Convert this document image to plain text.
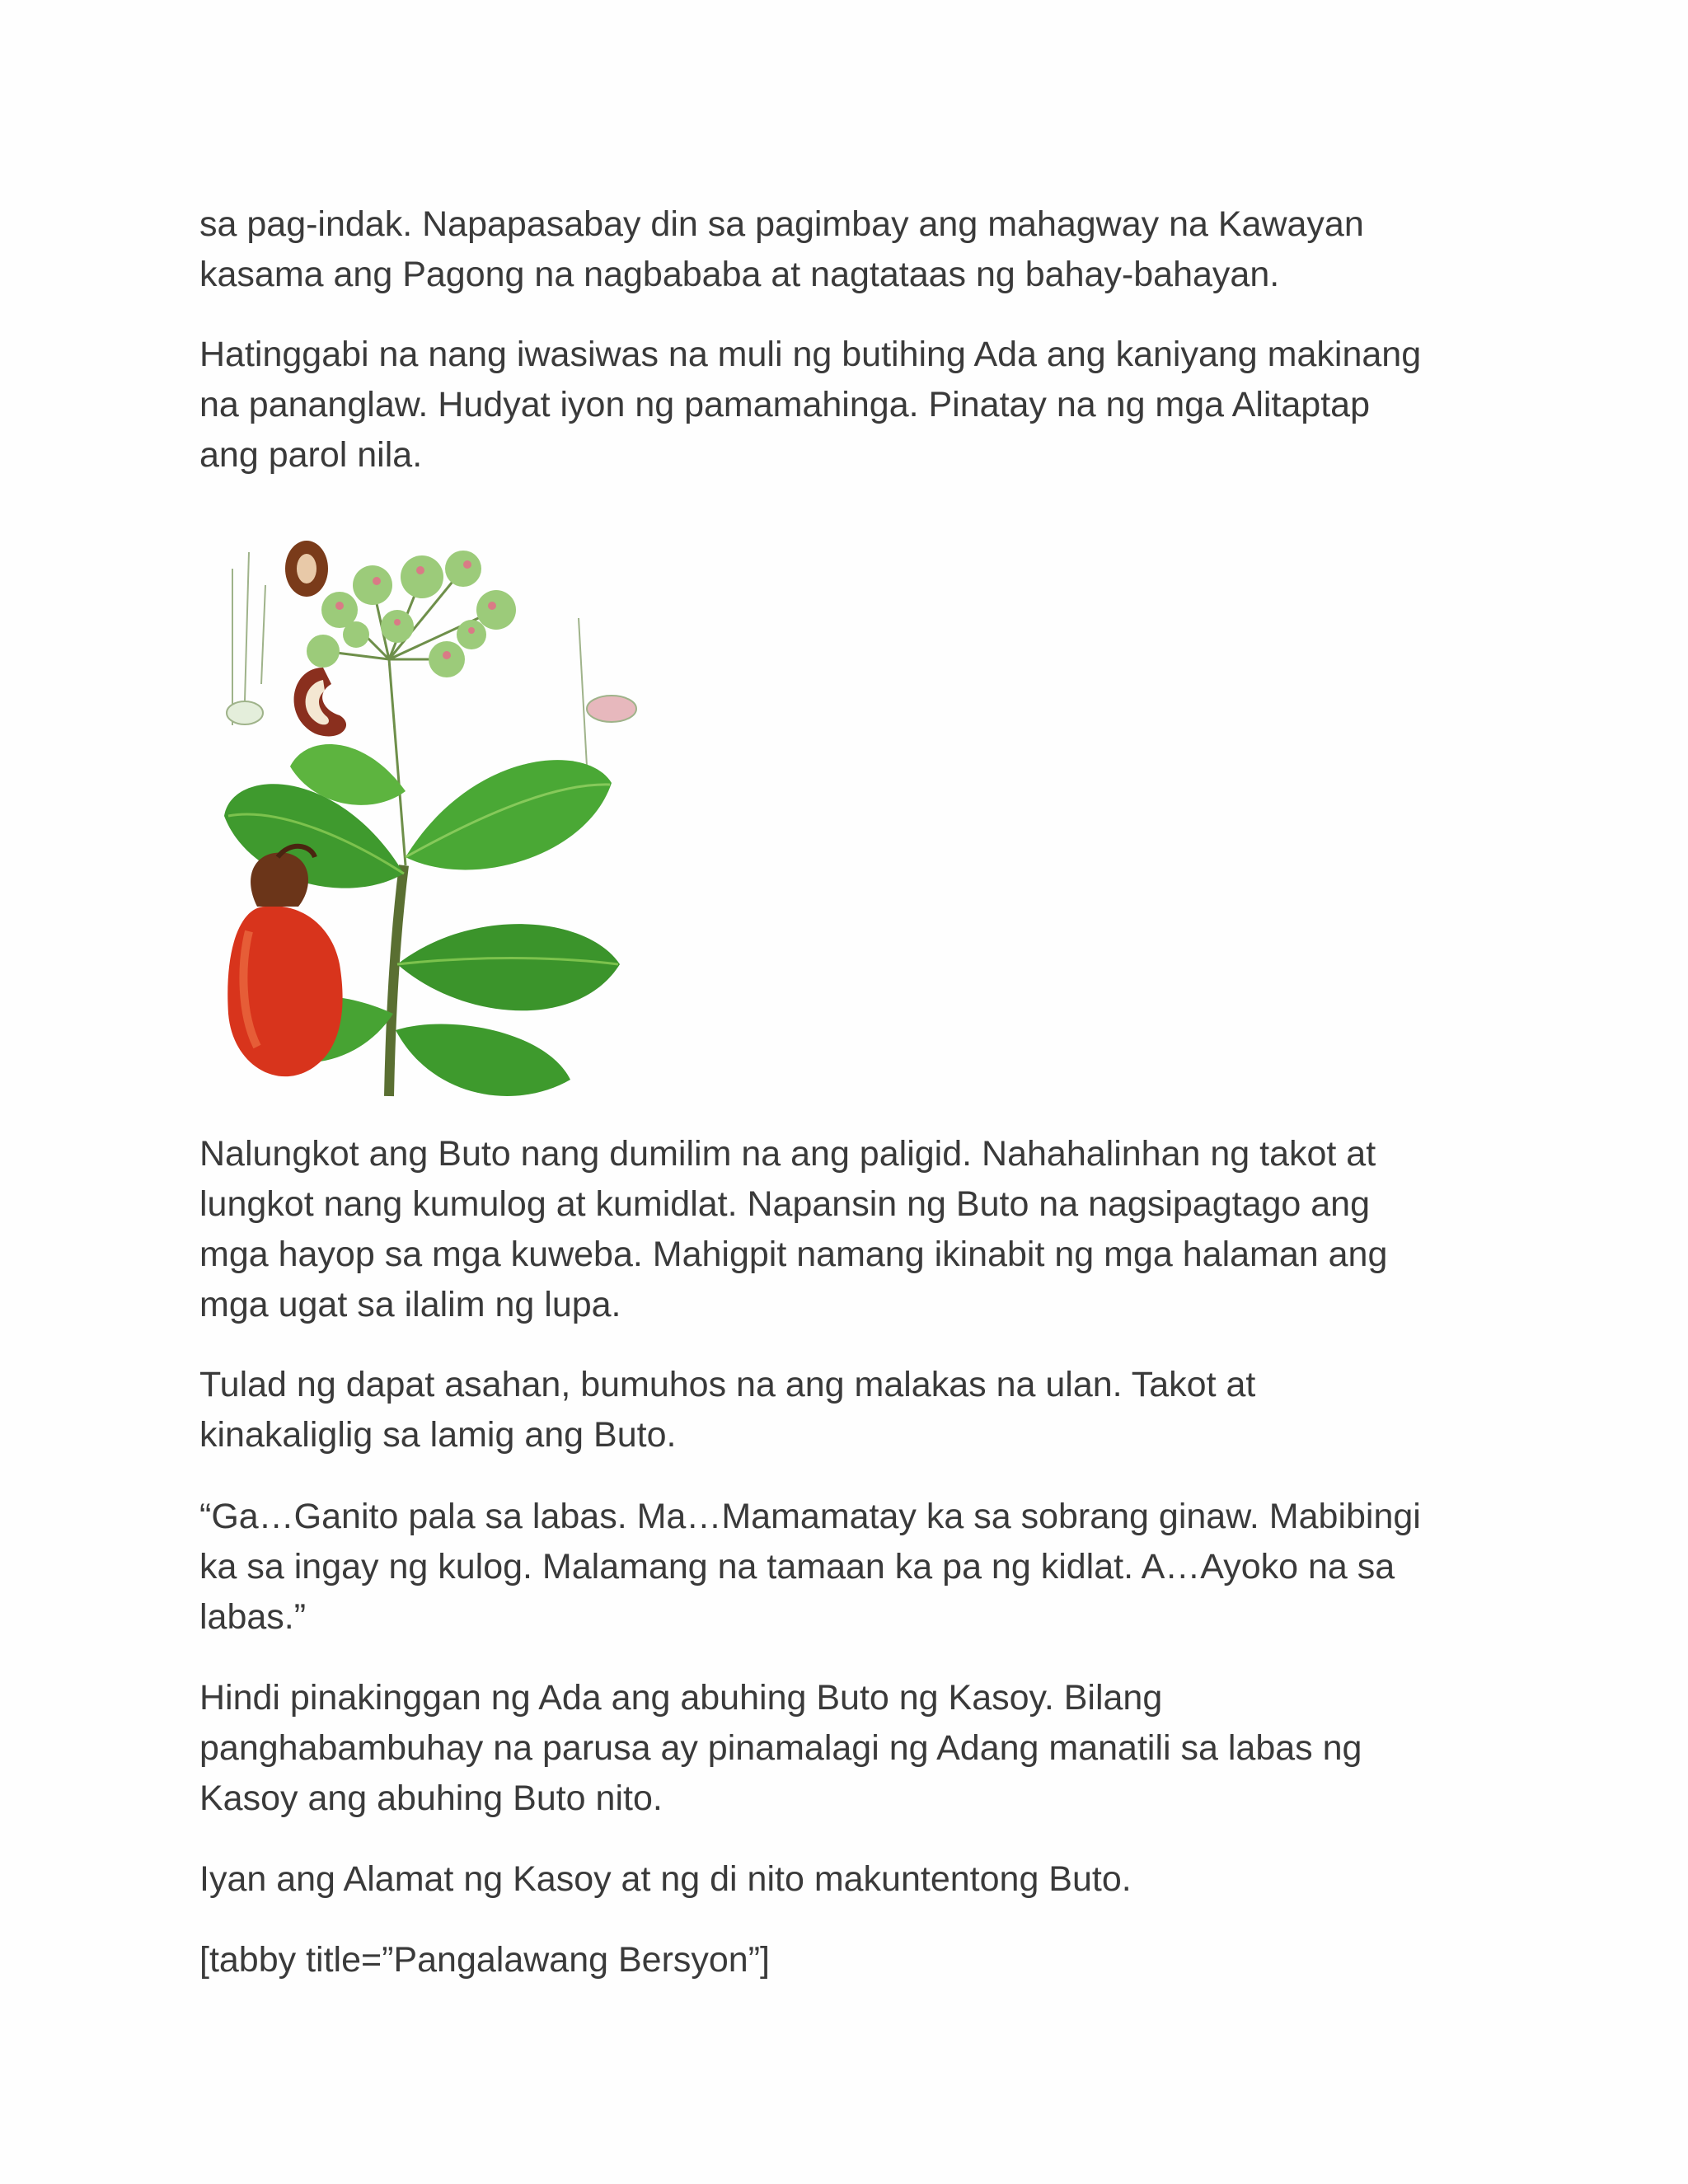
sa pag-indak. Napapasabay din sa pagimbay ang mahagway na Kawayan
kasama ang Pagong na nagbababa at nagtataas ng bahay-bahayan.

Hatinggabi na nang iwasiwas na muli ng butihing Ada ang kaniyang makinang
na pananglaw. Hudyat iyon ng pamamahinga. Pinatay na ng mga Alitaptap
ang parol nila.

Nalungkot ang Buto nang dumilim na ang paligid. Nahahalinhan ng takot at
lungkot nang kumulog at kumidlat. Napansin ng Buto na nagsipagtago ang
mga hayop sa mga kuweba. Mahigpit namang ikinabit ng mga halaman ang
mga ugat sa ilalim ng lupa.

Tulad ng dapat asahan, bumuhos na ang malakas na ulan. Takot at
kinakaliglig sa lamig ang Buto.

“Ga…Ganito pala sa labas. Ma…Mamamatay ka sa sobrang ginaw. Mabibingi
ka sa ingay ng kulog. Malamang na tamaan ka pa ng kidlat. A…Ayoko na sa
labas.”

Hindi pinakinggan ng Ada ang abuhing Buto ng Kasoy. Bilang
panghabambuhay na parusa ay pinamalagi ng Adang manatili sa labas ng
Kasoy ang abuhing Buto nito.

Iyan ang Alamat ng Kasoy at ng di nito makuntentong Buto.

[tabby title=”Pangalawang Bersyon”]
